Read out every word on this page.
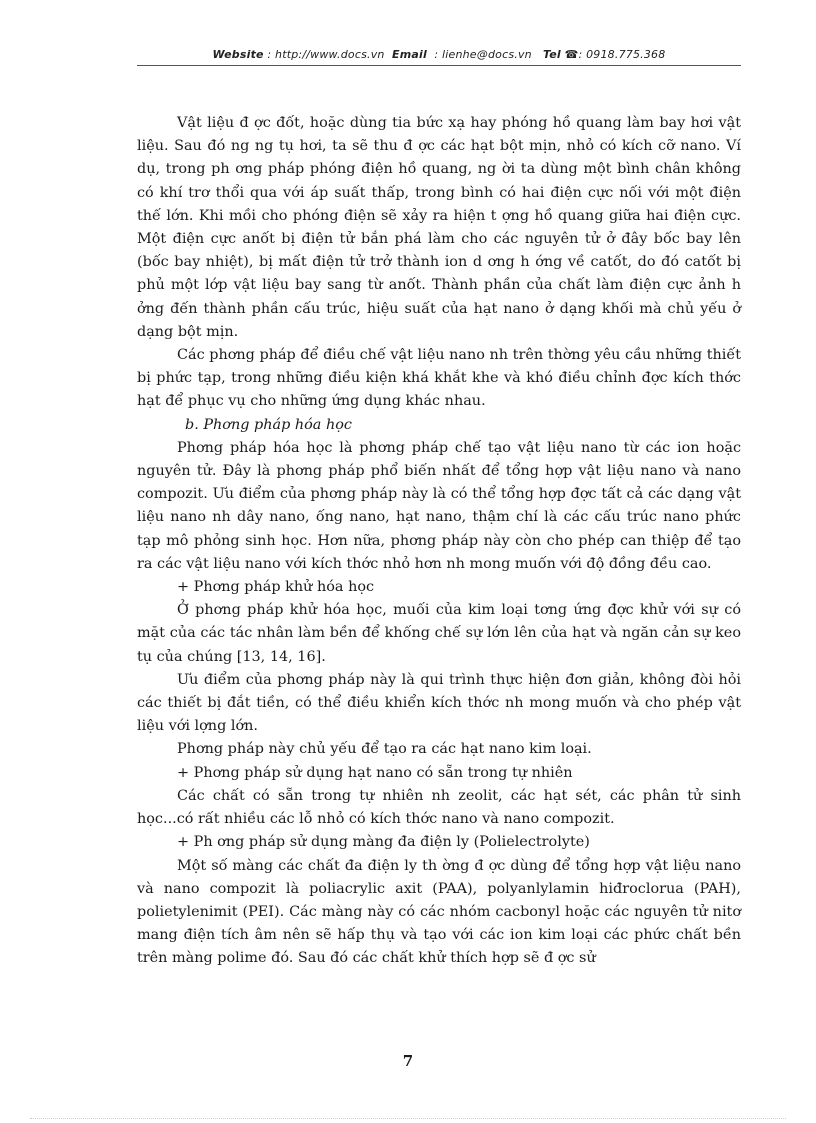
Website : http://www.docs.vn Email  : lienhe@docs.vn Tel ☎: 0918.775.368

Vật liệu đ ợc đốt, hoặc dùng tia bức xạ hay phóng hồ quang làm bay hơi vật liệu. Sau đó ng ng tụ hơi, ta sẽ thu đ ợc các hạt bột mịn, nhỏ có kích cỡ nano. Ví dụ, trong ph ơng pháp phóng điện hồ quang, ng ời ta dùng một bình chân không có khí trơ thổi qua với áp suất thấp, trong bình có hai điện cực nối với một điện thế lớn. Khi mồi cho phóng điện sẽ xảy ra hiện t ợng hồ quang giữa hai điện cực. Một điện cực anốt bị điện tử bắn phá làm cho các nguyên tử ở đây bốc bay lên (bốc bay nhiệt), bị mất điện tử trở thành ion d ơng h ớng về catốt, do đó catốt bị phủ một lớp vật liệu bay sang từ anốt. Thành phần của chất làm điện cực ảnh h ởng đến thành phần cấu trúc, hiệu suất của hạt nano ở dạng khối mà chủ yếu ở dạng bột mịn.

Các phơng pháp để điều chế vật liệu nano nh trên thờng yêu cầu những thiết bị phức tạp, trong những điều kiện khá khắt khe và khó điều chỉnh đợc kích thớc hạt để phục vụ cho những ứng dụng khác nhau.

b. Phơng pháp hóa học

Phơng pháp hóa học là phơng pháp chế tạo vật liệu nano từ các ion hoặc nguyên tử. Đây là phơng pháp phổ biến nhất để tổng hợp vật liệu nano và nano compozit. Ưu điểm của phơng pháp này là có thể tổng hợp đợc tất cả các dạng vật liệu nano nh dây nano, ống nano, hạt nano, thậm chí là các cấu trúc nano phức tạp mô phỏng sinh học. Hơn nữa, phơng pháp này còn cho phép can thiệp để tạo ra các vật liệu nano với kích thớc nhỏ hơn nh mong muốn với độ đồng đều cao.

+ Phơng pháp khử hóa học

Ở phơng pháp khử hóa học, muối của kim loại tơng ứng đợc khử với sự có mặt của các tác nhân làm bền để khống chế sự lớn lên của hạt và ngăn cản sự keo tụ của chúng [13, 14, 16].

Ưu điểm của phơng pháp này là qui trình thực hiện đơn giản, không đòi hỏi các thiết bị đắt tiền, có thể điều khiển kích thớc nh mong muốn và cho phép vật liệu với lợng lớn.

Phơng pháp này chủ yếu để tạo ra các hạt nano kim loại.

+ Phơng pháp sử dụng hạt nano có sẵn trong tự nhiên

Các chất có sẵn trong tự nhiên nh zeolit, các hạt sét, các phân tử sinh học...có rất nhiều các lỗ nhỏ có kích thớc nano và nano compozit.

+ Ph ơng pháp sử dụng màng đa điện ly (Polielectrolyte)

Một số màng các chất đa điện ly th ờng đ ợc dùng để tổng hợp vật liệu nano và nano compozit là poliacrylic axit (PAA), polyanlylamin hiđroclorua (PAH), polietylenimit (PEI). Các màng này có các nhóm cacbonyl hoặc các nguyên tử nitơ mang điện tích âm nên sẽ hấp thụ và tạo với các ion kim loại các phức chất bền trên màng polime đó. Sau đó các chất khử thích hợp sẽ đ ợc sử

7
